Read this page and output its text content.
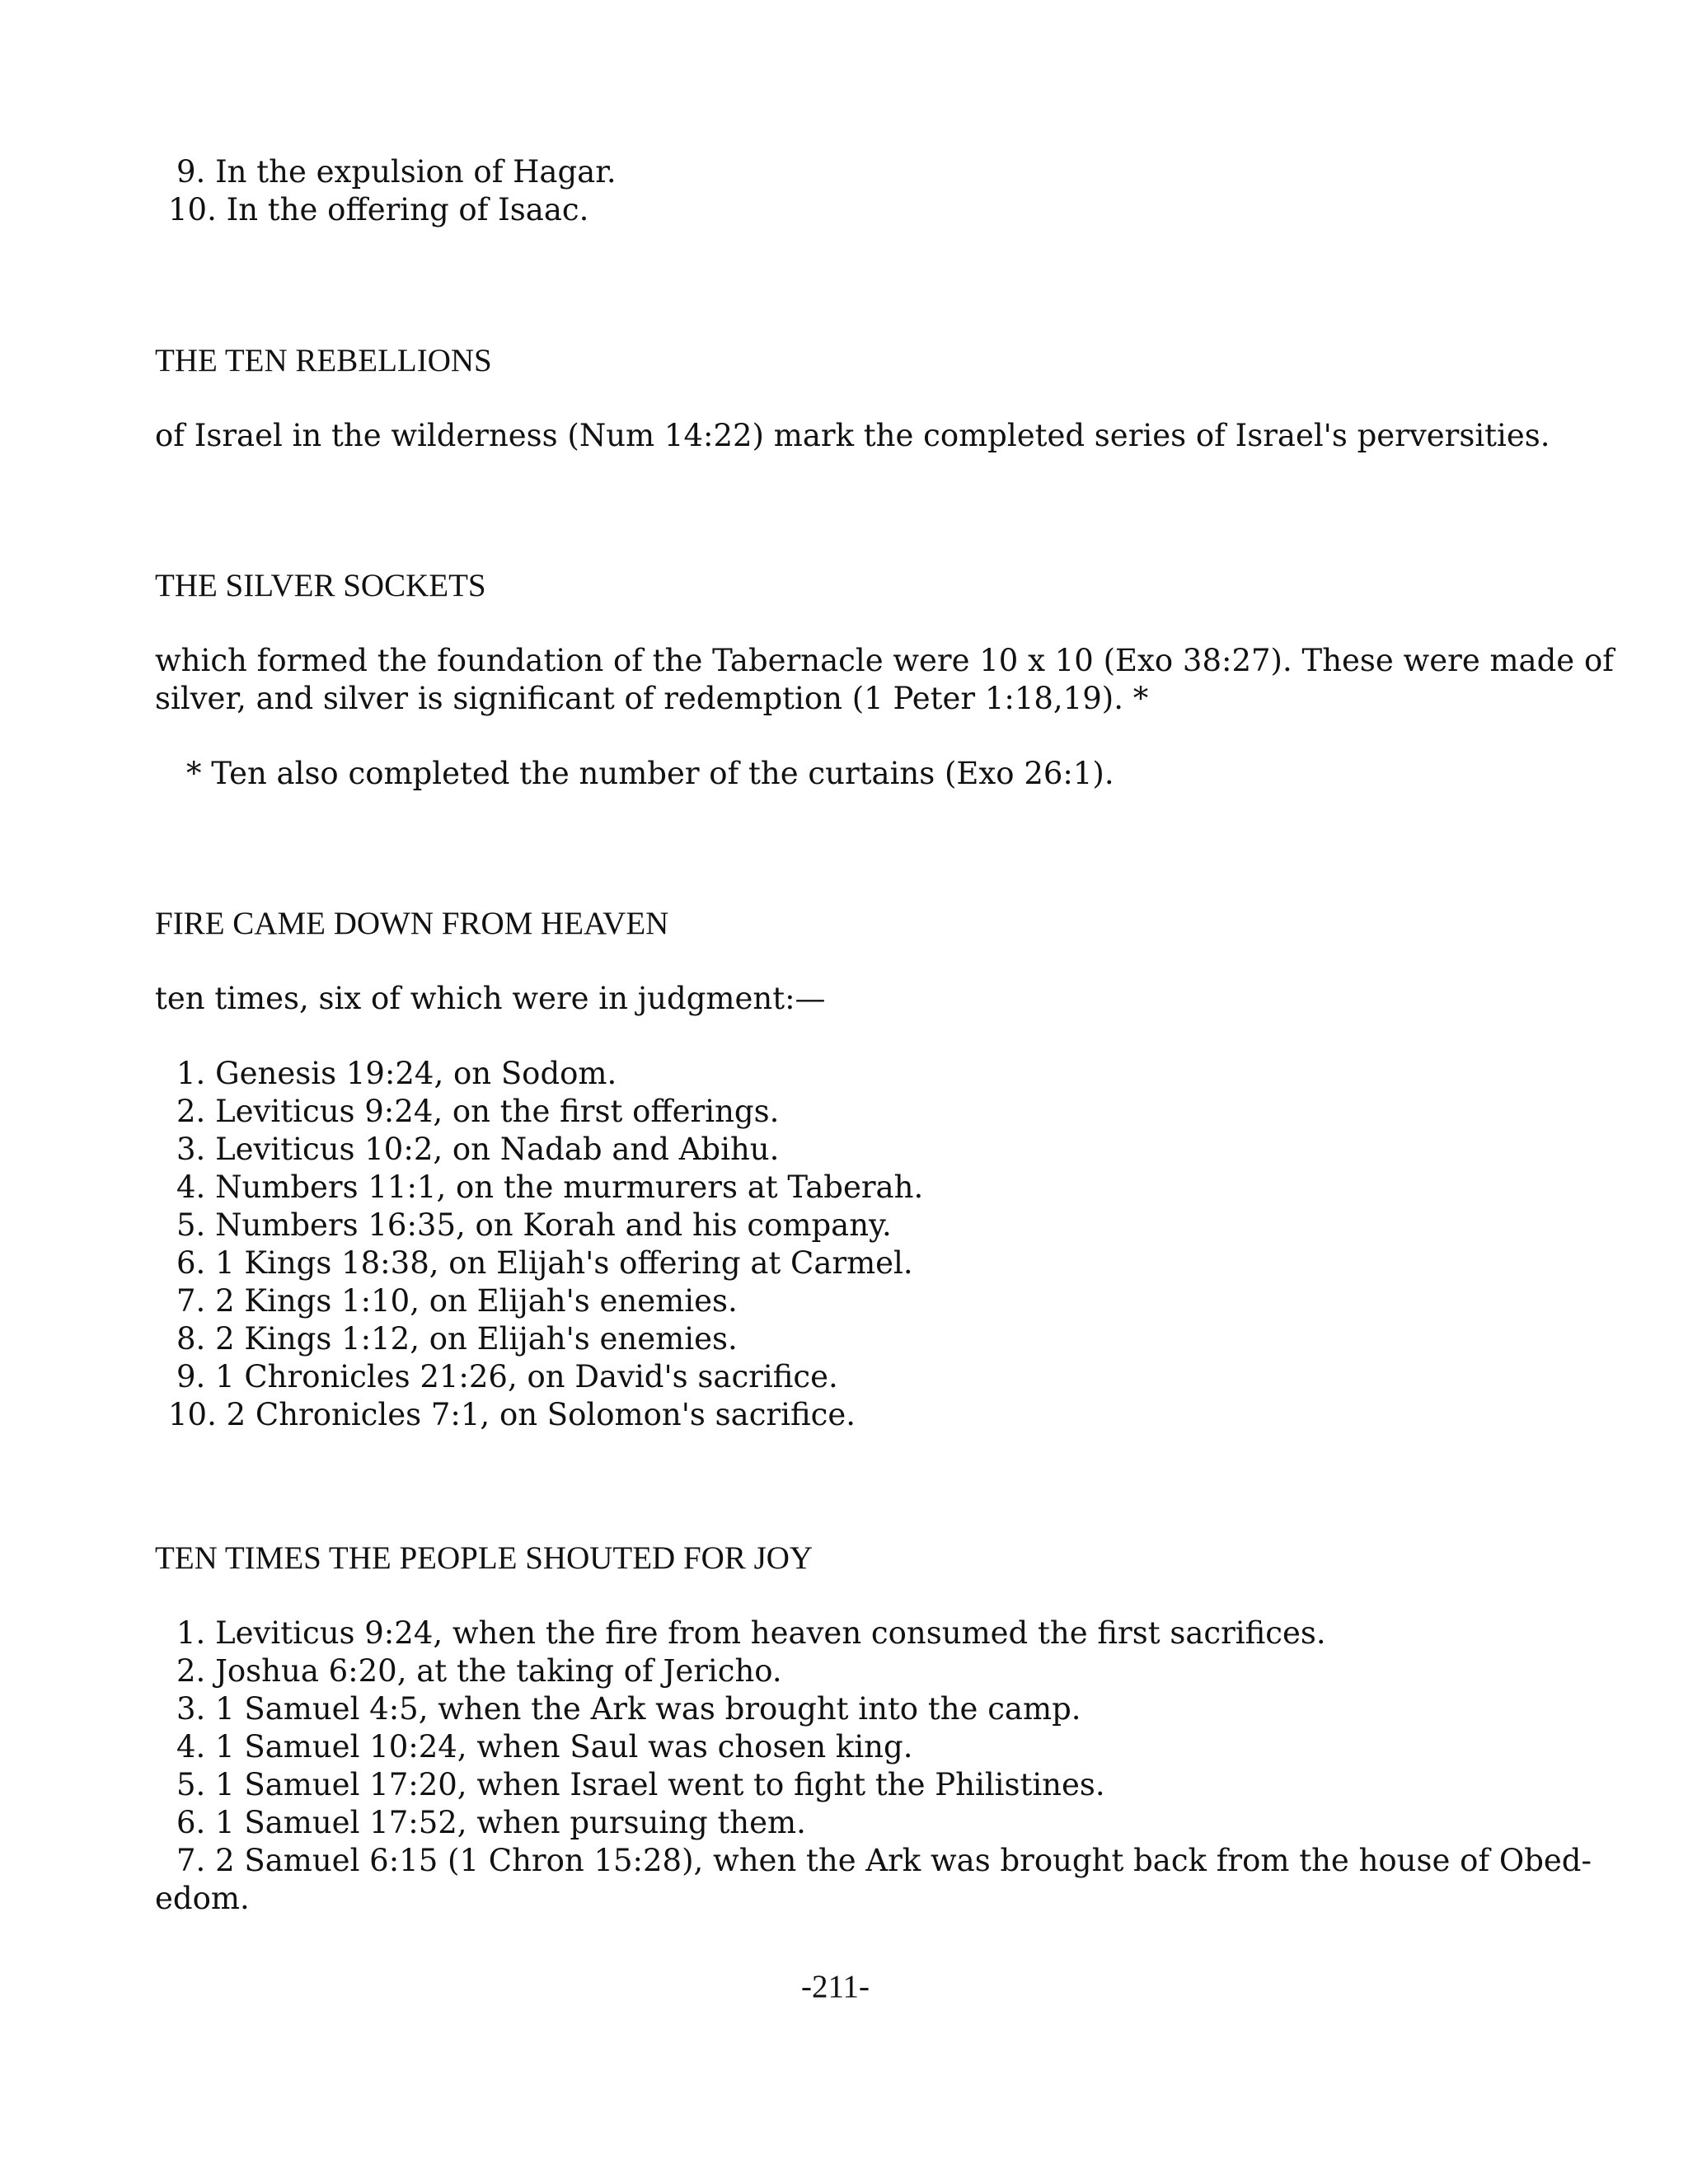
9. In the expulsion of Hagar.
10. In the offering of Isaac.
THE TEN REBELLIONS
of Israel in the wilderness (Num 14:22) mark the completed series of Israel's perversities.
THE SILVER SOCKETS
which formed the foundation of the Tabernacle were 10 x 10 (Exo 38:27). These were made of
silver, and silver is significant of redemption (1 Peter 1:18,19). *
* Ten also completed the number of the curtains (Exo 26:1).
FIRE CAME DOWN FROM HEAVEN
ten times, six of which were in judgment:—
1. Genesis 19:24, on Sodom.
2. Leviticus 9:24, on the first offerings.
3. Leviticus 10:2, on Nadab and Abihu.
4. Numbers 11:1, on the murmurers at Taberah.
5. Numbers 16:35, on Korah and his company.
6. 1 Kings 18:38, on Elijah's offering at Carmel.
7. 2 Kings 1:10, on Elijah's enemies.
8. 2 Kings 1:12, on Elijah's enemies.
9. 1 Chronicles 21:26, on David's sacrifice.
10. 2 Chronicles 7:1, on Solomon's sacrifice.
TEN TIMES THE PEOPLE SHOUTED FOR JOY
1. Leviticus 9:24, when the fire from heaven consumed the first sacrifices.
2. Joshua 6:20, at the taking of Jericho.
3. 1 Samuel 4:5, when the Ark was brought into the camp.
4. 1 Samuel 10:24, when Saul was chosen king.
5. 1 Samuel 17:20, when Israel went to fight the Philistines.
6. 1 Samuel 17:52, when pursuing them.
7. 2 Samuel 6:15 (1 Chron 15:28), when the Ark was brought back from the house of Obed-
edom.
-211-
